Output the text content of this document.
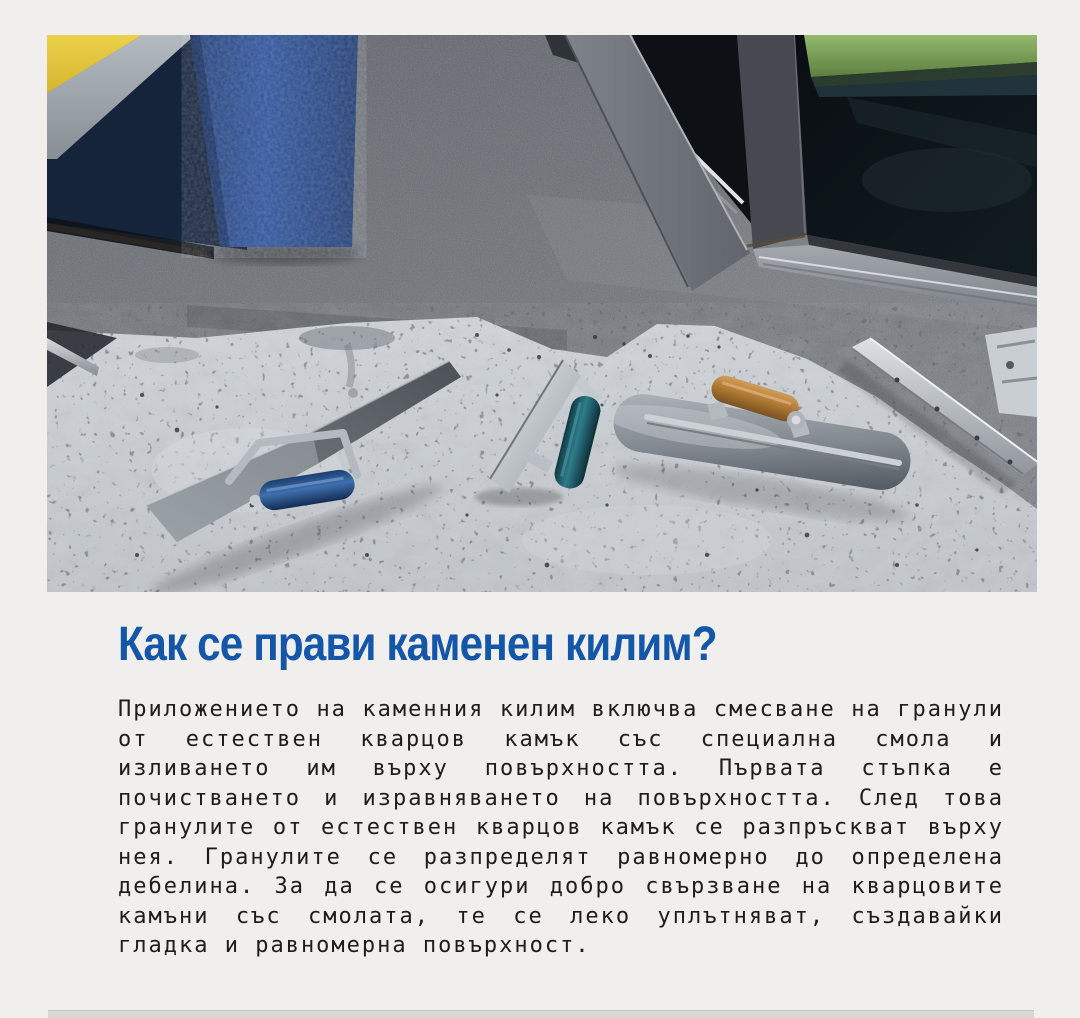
Как се прави каменен килим?

Приложението на каменния килим включва смесване на гранули от естествен кварцов камък със специална смола и изливането им върху повърхността. Първата стъпка е почистването и изравняването на повърхността. След това гранулите от естествен кварцов камък се разпръскват върху нея. Гранулите се разпределят равномерно до определена дебелина. За да се осигури добро свързване на кварцовите камъни със смолата, те се леко уплътняват, създавайки гладка и равномерна повърхност.
